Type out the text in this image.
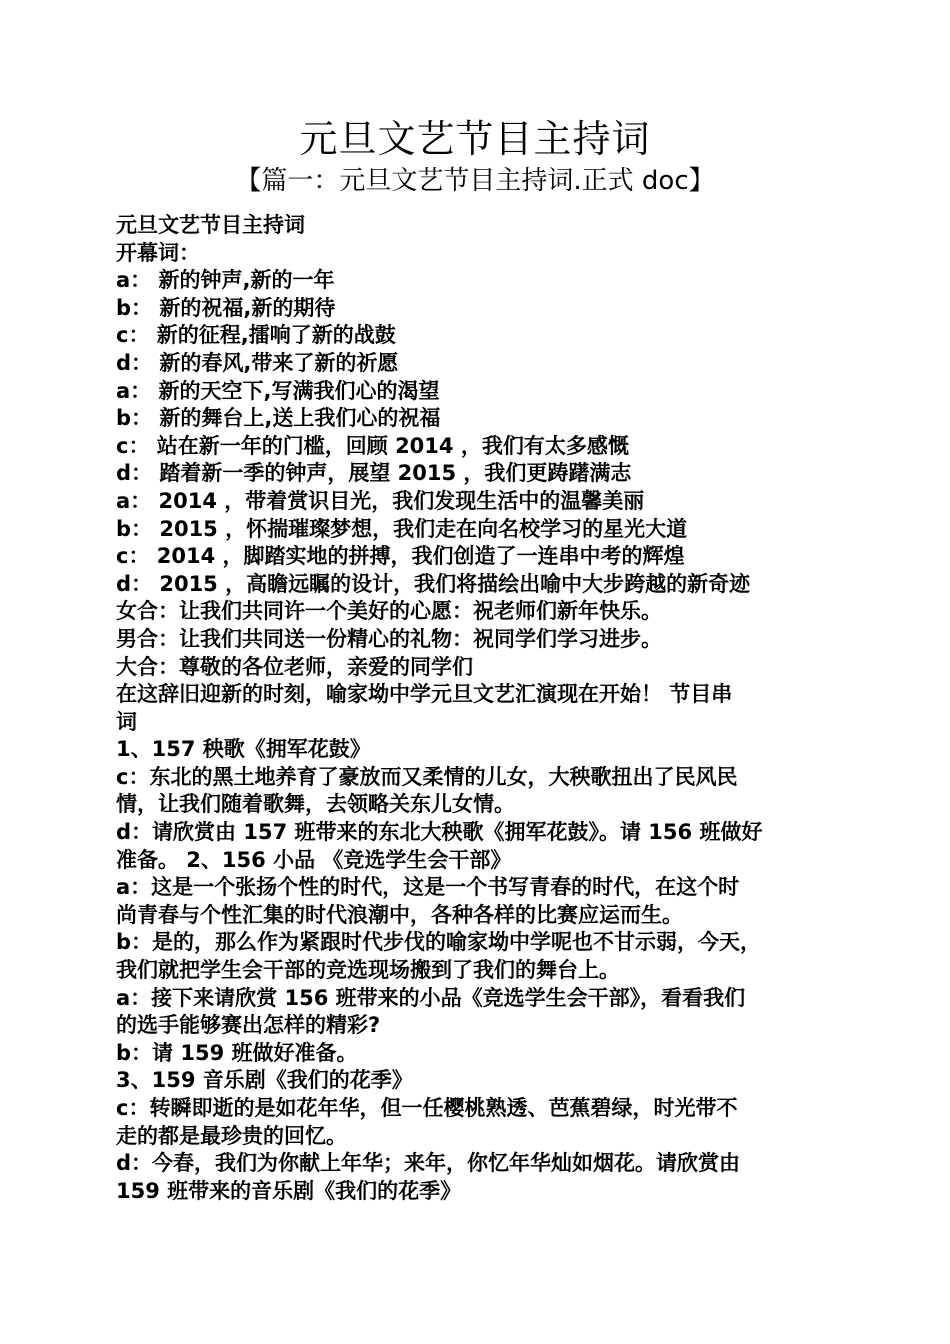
元旦文艺节目主持词
【篇一：元旦文艺节目主持词.正式 doc】
元旦文艺节目主持词
开幕词：
a： 新的钟声,新的一年
b： 新的祝福,新的期待
c： 新的征程,擂响了新的战鼓
d： 新的春风,带来了新的祈愿
a： 新的天空下,写满我们心的渴望
b： 新的舞台上,送上我们心的祝福
c： 站在新一年的门槛，回顾 2014 ，我们有太多感慨
d： 踏着新一季的钟声，展望 2015 ，我们更踌躇满志
a： 2014 ，带着赏识目光，我们发现生活中的温馨美丽
b： 2015 ，怀揣璀璨梦想，我们走在向名校学习的星光大道
c： 2014 ，脚踏实地的拼搏，我们创造了一连串中考的辉煌
d： 2015 ，高瞻远瞩的设计，我们将描绘出喻中大步跨越的新奇迹
女合：让我们共同许一个美好的心愿：祝老师们新年快乐。
男合：让我们共同送一份精心的礼物：祝同学们学习进步。
大合：尊敬的各位老师，亲爱的同学们
在这辞旧迎新的时刻，喻家坳中学元旦文艺汇演现在开始！ 节目串
词
1、157 秧歌《拥军花鼓》
c：东北的黑土地养育了豪放而又柔情的儿女，大秧歌扭出了民风民
情，让我们随着歌舞，去领略关东儿女情。
d：请欣赏由 157 班带来的东北大秧歌《拥军花鼓》。请 156 班做好
准备。 2、156 小品 《竞选学生会干部》
a：这是一个张扬个性的时代，这是一个书写青春的时代，在这个时
尚青春与个性汇集的时代浪潮中，各种各样的比赛应运而生。
b：是的，那么作为紧跟时代步伐的喻家坳中学呢也不甘示弱，今天，
我们就把学生会干部的竞选现场搬到了我们的舞台上。
a：接下来请欣赏 156 班带来的小品《竞选学生会干部》，看看我们
的选手能够赛出怎样的精彩?
b：请 159 班做好准备。
3、159 音乐剧《我们的花季》
c：转瞬即逝的是如花年华，但一任樱桃熟透、芭蕉碧绿，时光带不
走的都是最珍贵的回忆。
d：今春，我们为你献上年华；来年，你忆年华灿如烟花。请欣赏由
159 班带来的音乐剧《我们的花季》
